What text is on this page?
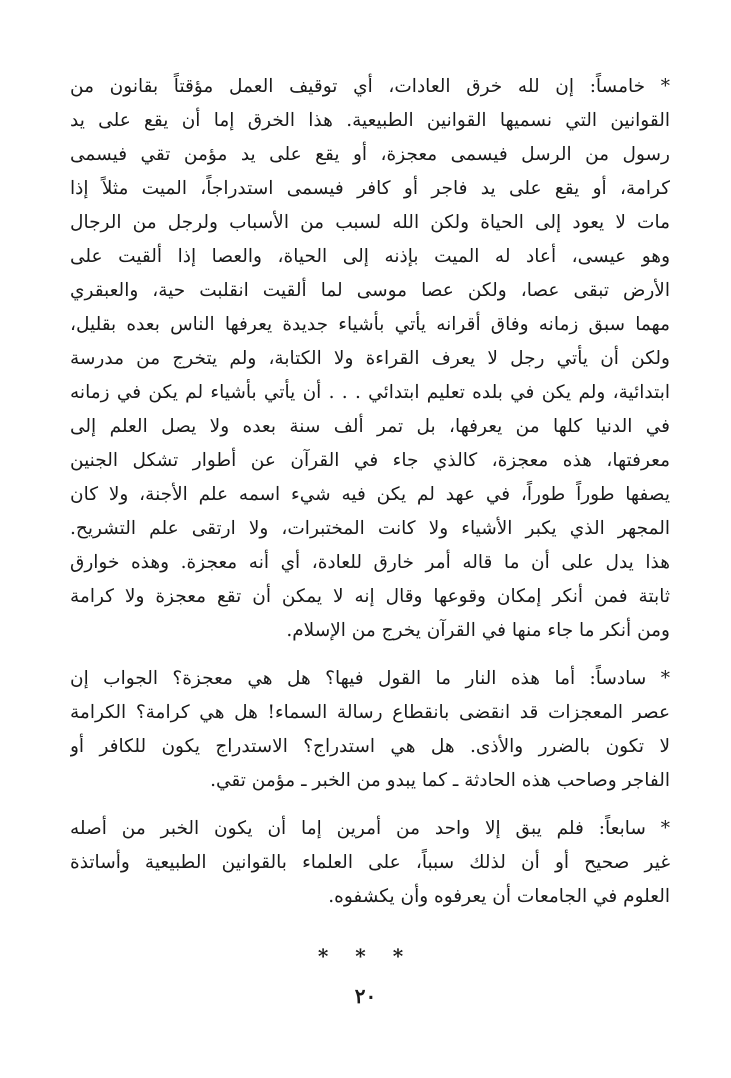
* خامساً: إن لله خرق العادات، أي توقيف العمل مؤقتاً بقانون من
القوانين التي نسميها القوانين الطبيعية. هذا الخرق إما أن يقع على يد
رسول من الرسل فيسمى معجزة، أو يقع على يد مؤمن تقي فيسمى
كرامة، أو يقع على يد فاجر أو كافر فيسمى استدراجاً، الميت مثلاً إذا
مات لا يعود إلى الحياة ولكن الله لسبب من الأسباب ولرجل من الرجال
وهو عيسى، أعاد له الميت بإذنه إلى الحياة، والعصا إذا ألقيت على
الأرض تبقى عصا، ولكن عصا موسى لما ألقيت انقلبت حية، والعبقري
مهما سبق زمانه وفاق أقرانه يأتي بأشياء جديدة يعرفها الناس بعده بقليل،
ولكن أن يأتي رجل لا يعرف القراءة ولا الكتابة، ولم يتخرج من مدرسة
ابتدائية، ولم يكن في بلده تعليم ابتدائي . . . أن يأتي بأشياء لم يكن في زمانه
في الدنيا كلها من يعرفها، بل تمر ألف سنة بعده ولا يصل العلم إلى
معرفتها، هذه معجزة، كالذي جاء في القرآن عن أطوار تشكل الجنين
يصفها طوراً طوراً، في عهد لم يكن فيه شيء اسمه علم الأجنة، ولا كان
المجهر الذي يكبر الأشياء ولا كانت المختبرات، ولا ارتقى علم التشريح.
هذا يدل على أن ما قاله أمر خارق للعادة، أي أنه معجزة. وهذه خوارق
ثابتة فمن أنكر إمكان وقوعها وقال إنه لا يمكن أن تقع معجزة ولا كرامة
ومن أنكر ما جاء منها في القرآن يخرج من الإسلام.

* سادساً: أما هذه النار ما القول فيها؟ هل هي معجزة؟ الجواب إن
عصر المعجزات قد انقضى بانقطاع رسالة السماء! هل هي كرامة؟ الكرامة
لا تكون بالضرر والأذى. هل هي استدراج؟ الاستدراج يكون للكافر أو
الفاجر وصاحب هذه الحادثة ـ كما يبدو من الخبر ـ مؤمن تقي.

* سابعاً: فلم يبق إلا واحد من أمرين إما أن يكون الخبر من أصله
غير صحيح أو أن لذلك سبباً، على العلماء بالقوانين الطبيعية وأساتذة
العلوم في الجامعات أن يعرفوه وأن يكشفوه.

* * *
٢٠
